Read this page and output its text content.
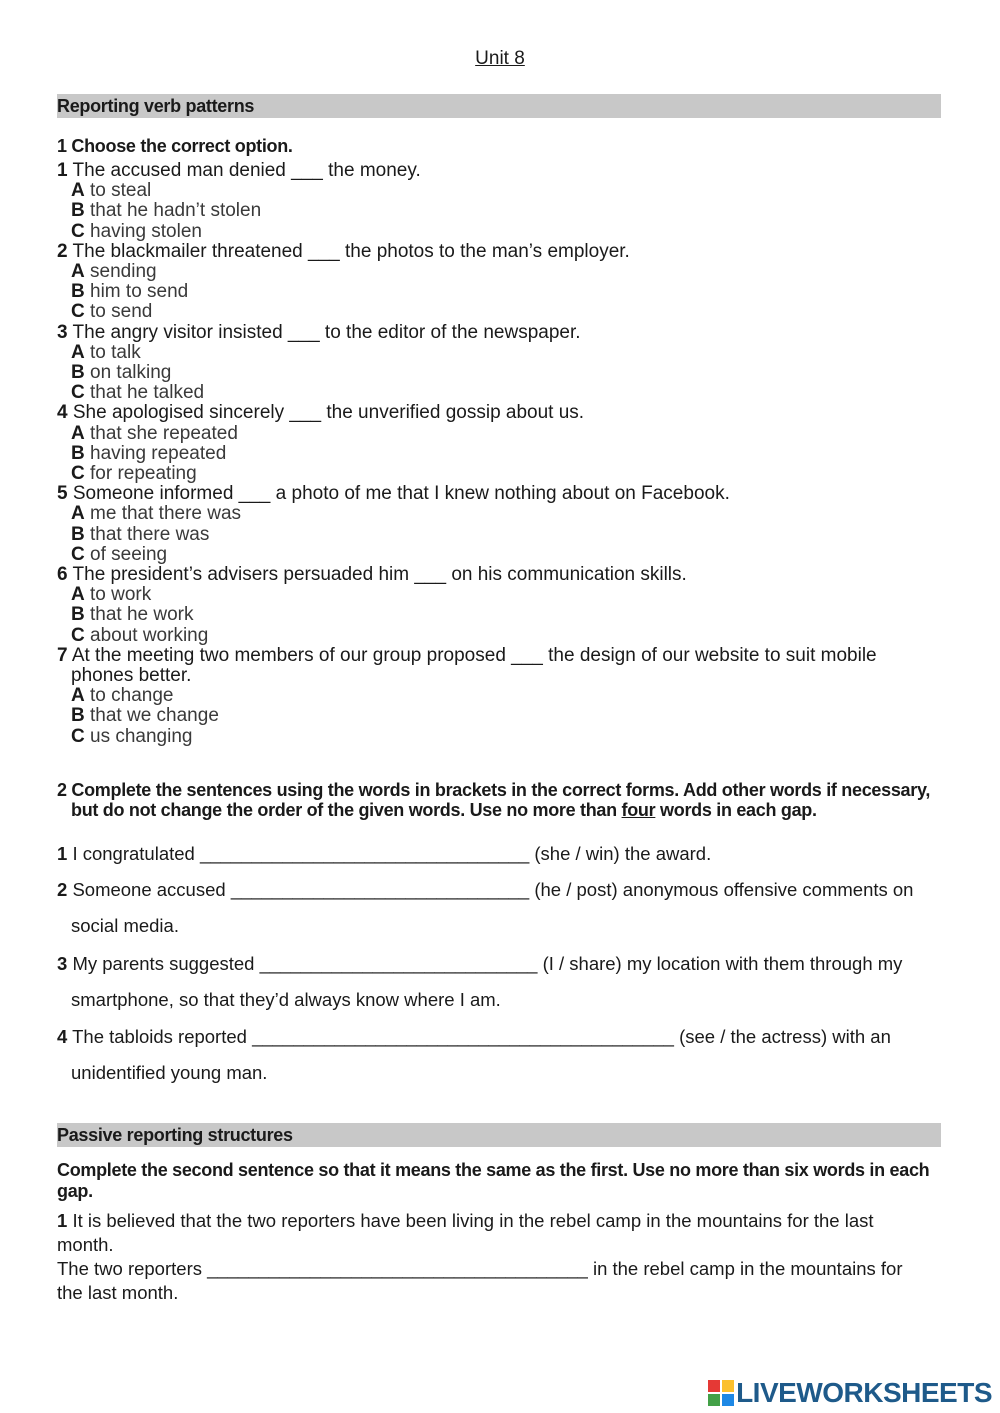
Unit 8
Reporting verb patterns
1 Choose the correct option.
1 The accused man denied ___ the money.
A to steal
B that he hadn’t stolen
C having stolen
2 The blackmailer threatened ___ the photos to the man’s employer.
A sending
B him to send
C to send
3 The angry visitor insisted ___ to the editor of the newspaper.
A to talk
B on talking
C that he talked
4 She apologised sincerely ___ the unverified gossip about us.
A that she repeated
B having repeated
C for repeating
5 Someone informed ___ a photo of me that I knew nothing about on Facebook.
A me that there was
B that there was
C of seeing
6 The president’s advisers persuaded him ___ on his communication skills.
A to work
B that he work
C about working
7 At the meeting two members of our group proposed ___ the design of our website to suit mobile
phones better.
A to change
B that we change
C us changing
2 Complete the sentences using the words in brackets in the correct forms. Add other words if necessary,
but do not change the order of the given words. Use no more than four words in each gap.
1 I congratulated ________________________________ (she / win) the award.
2 Someone accused _____________________________ (he / post) anonymous offensive comments on
social media.
3 My parents suggested ___________________________ (I / share) my location with them through my
smartphone, so that they’d always know where I am.
4 The tabloids reported _________________________________________ (see / the actress) with an
unidentified young man.
Passive reporting structures
Complete the second sentence so that it means the same as the first. Use no more than six words in each
gap.
1 It is believed that the two reporters have been living in the rebel camp in the mountains for the last
month.
The two reporters _____________________________________ in the rebel camp in the mountains for
the last month.
LIVEWORKSHEETS
